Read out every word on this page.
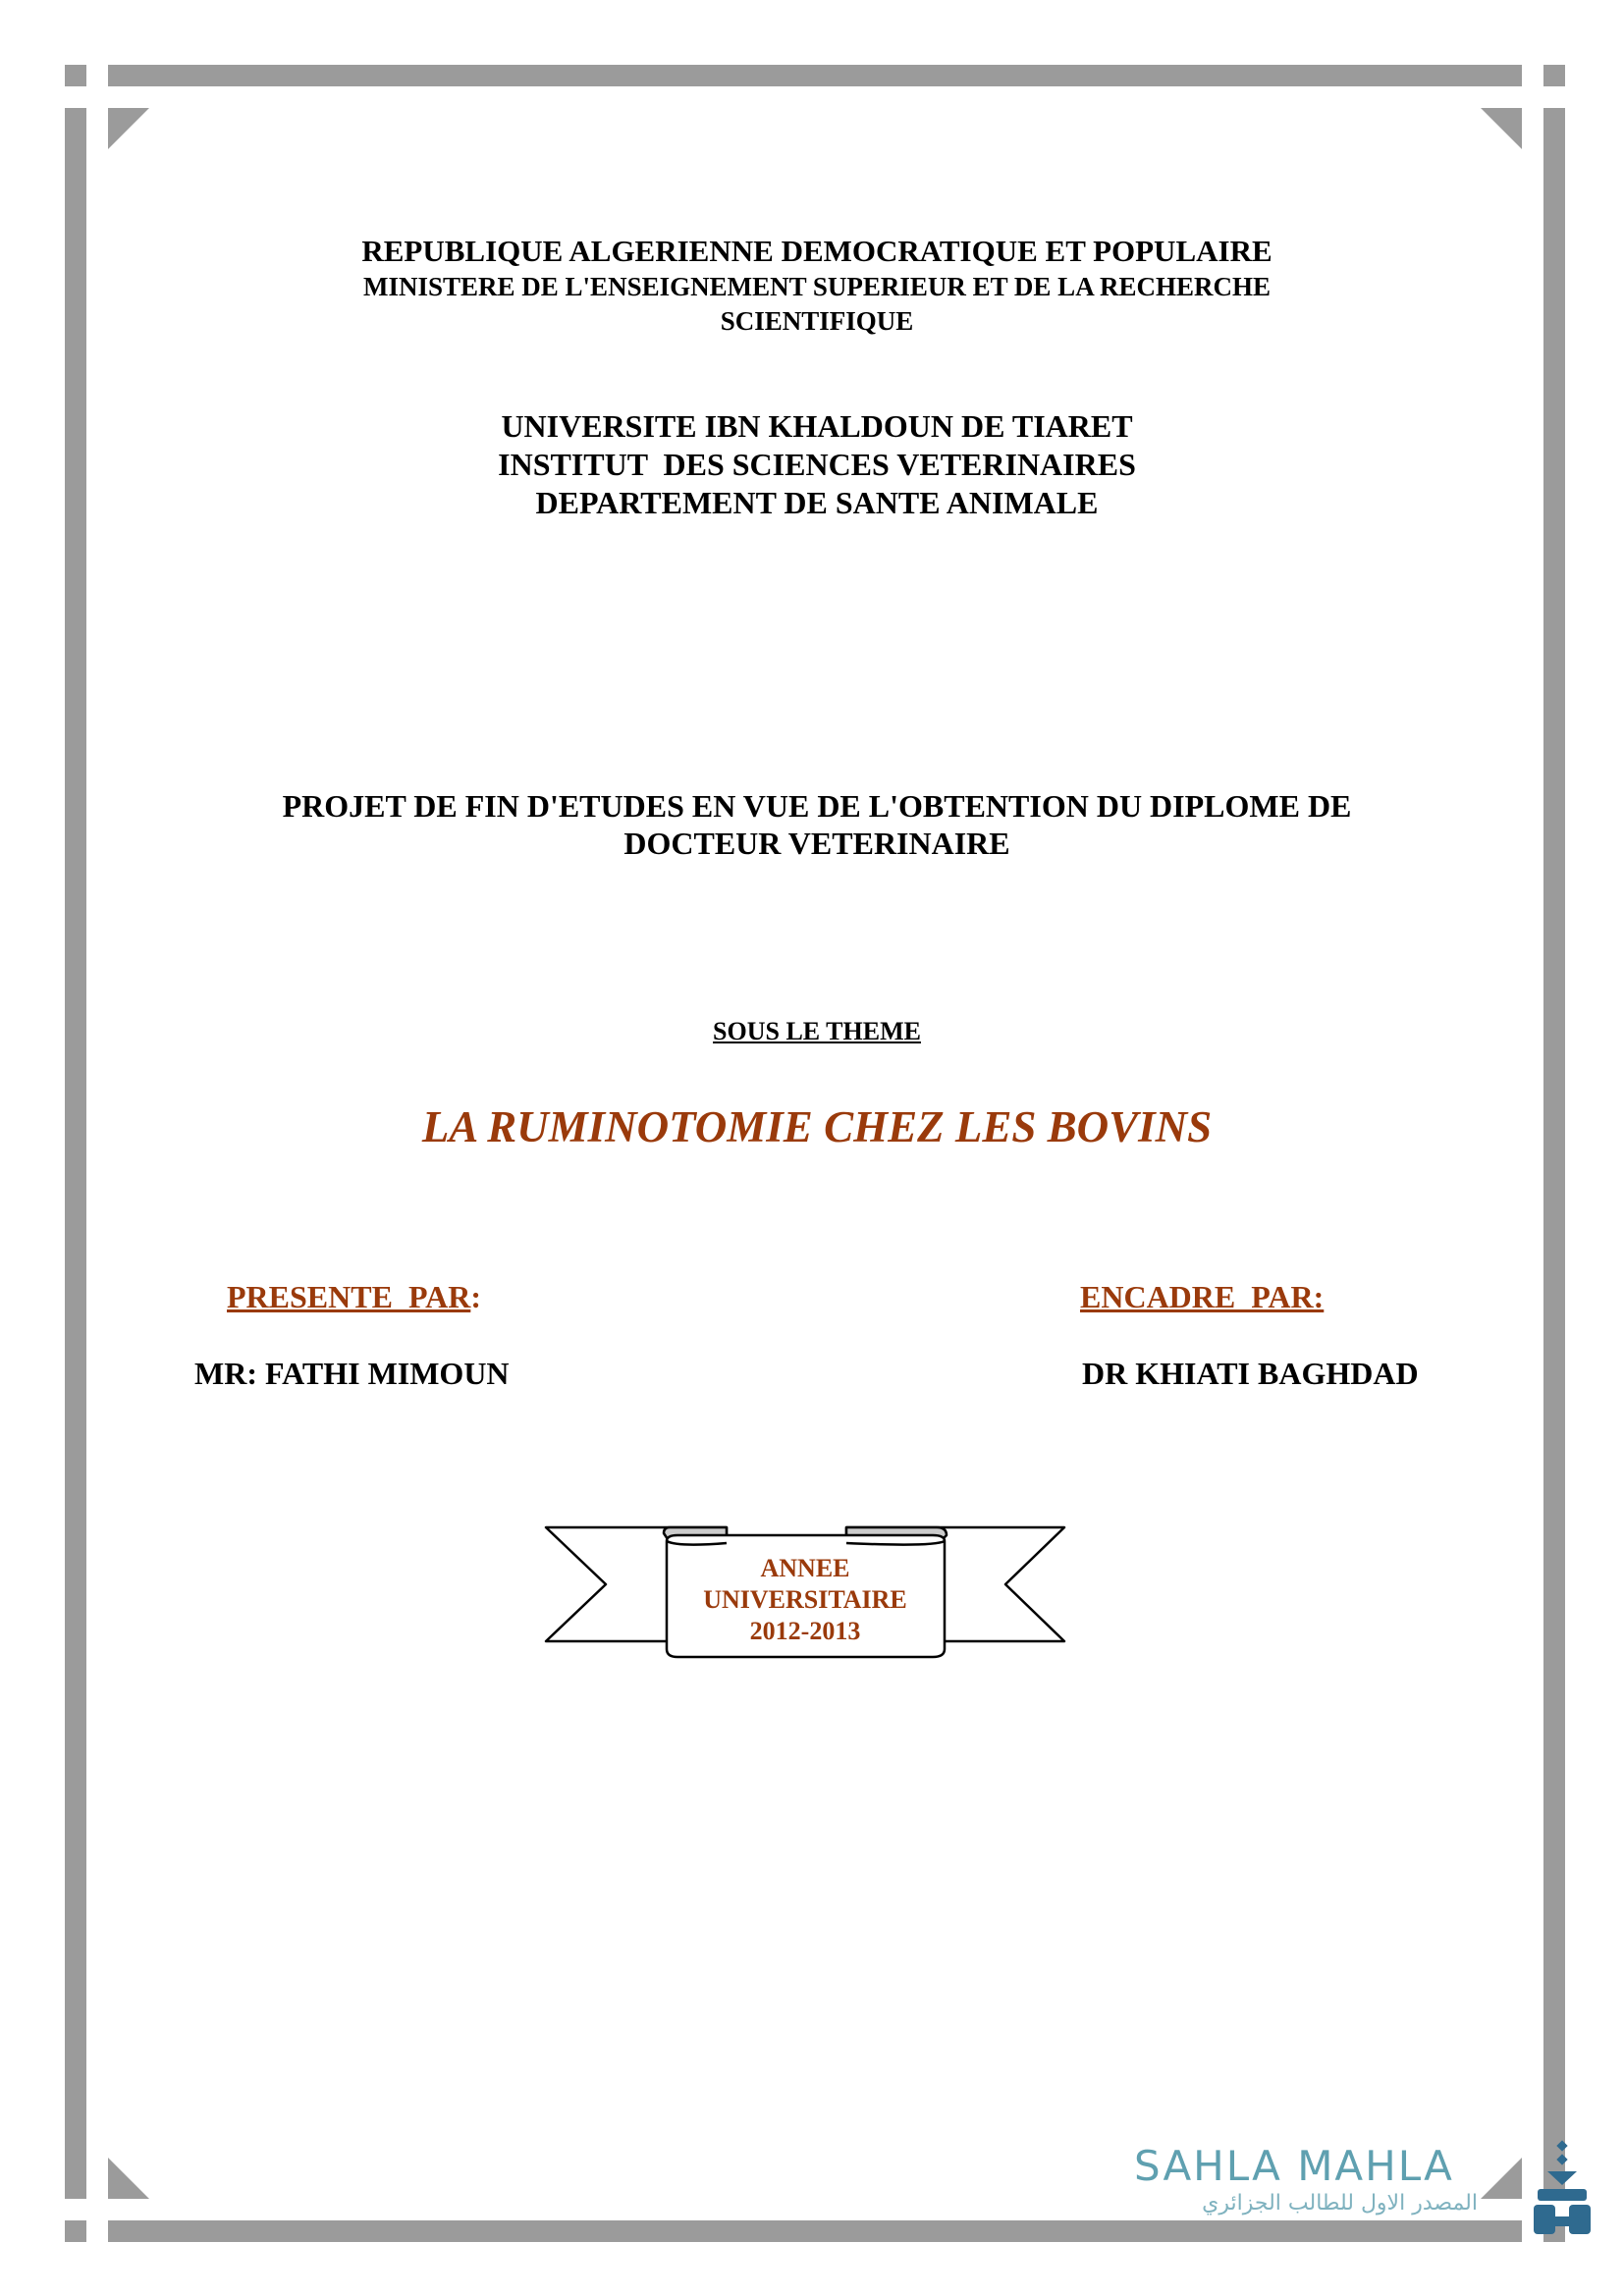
REPUBLIQUE ALGERIENNE DEMOCRATIQUE ET POPULAIRE
MINISTERE DE L'ENSEIGNEMENT SUPERIEUR ET DE LA RECHERCHE
SCIENTIFIQUE
UNIVERSITE IBN KHALDOUN DE TIARET
INSTITUT  DES SCIENCES VETERINAIRES
DEPARTEMENT DE SANTE ANIMALE
PROJET DE FIN D'ETUDES EN VUE DE L'OBTENTION DU DIPLOME DE
DOCTEUR VETERINAIRE
SOUS LE THEME
LA RUMINOTOMIE CHEZ LES BOVINS
PRESENTE  PAR:	ENCADRE  PAR:
MR: FATHI MIMOUN	DR KHIATI BAGHDAD
ANNEE
UNIVERSITAIRE
2012-2013
SAHLA MAHLA
المصدر الاول للطالب الجزائري
